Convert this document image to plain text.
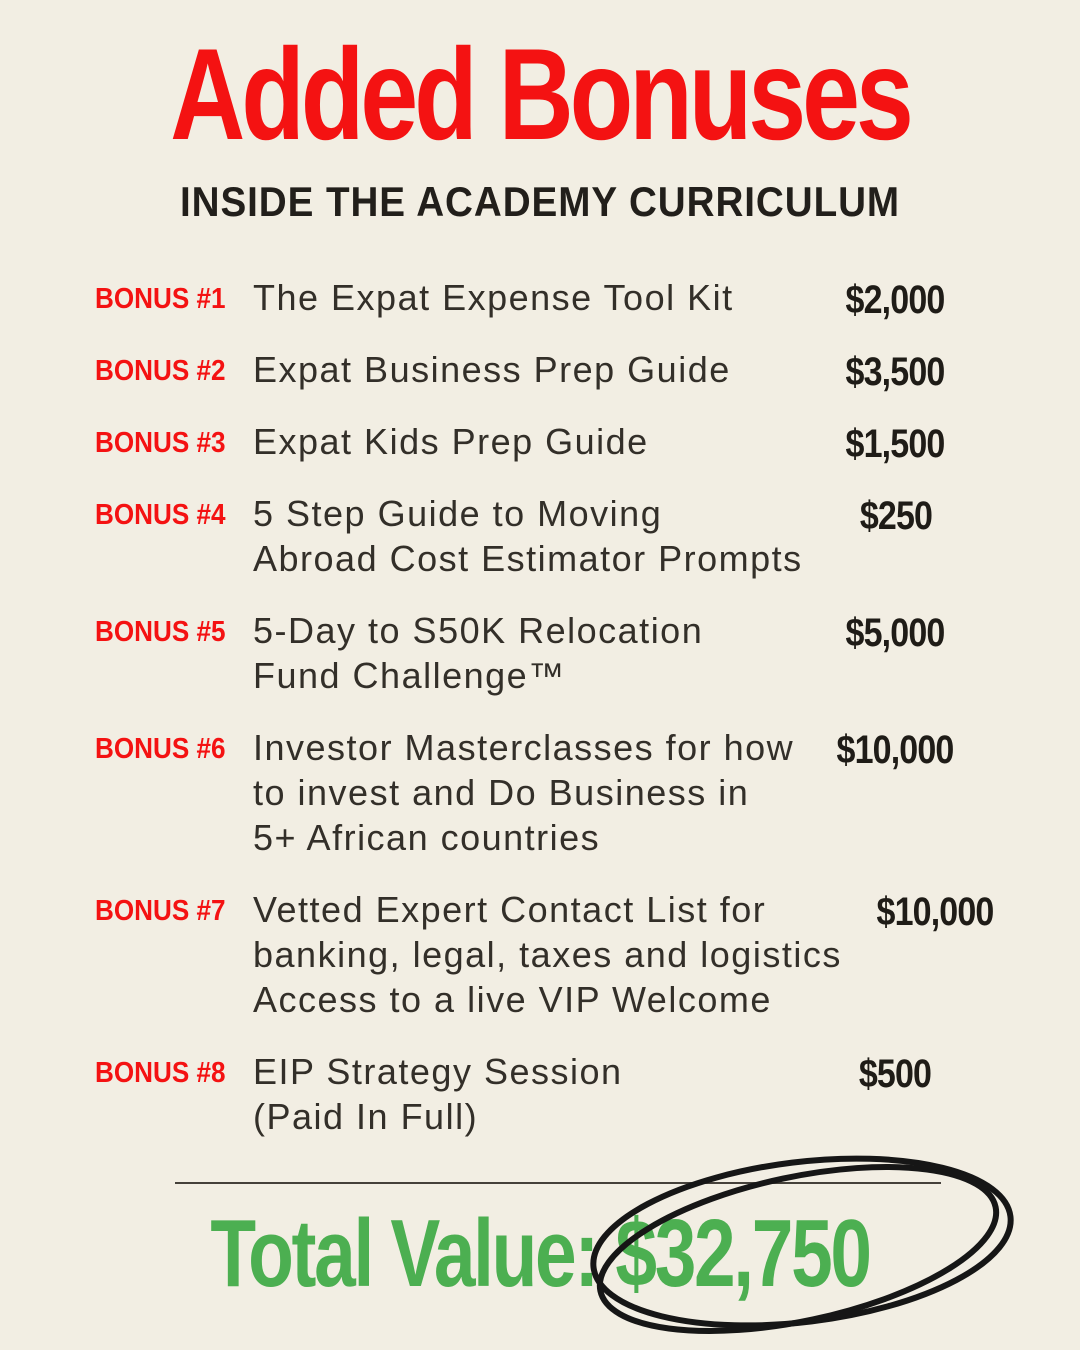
Added Bonuses
INSIDE THE ACADEMY CURRICULUM
BONUS #1 The Expat Expense Tool Kit	$2,000
BONUS #2 Expat Business Prep Guide	$3,500
BONUS #3 Expat Kids Prep Guide	$1,500
BONUS #4 5 Step Guide to Moving
Abroad Cost Estimator Prompts
$250
BONUS #5 5-Day to S50K Relocation
Fund Challenge™
$5,000
BONUS #6 Investor Masterclasses for how
to invest and Do Business in
5+ African countries
$10,000
BONUS #7 Vetted Expert Contact List for
banking, legal, taxes and logistics
Access to a live VIP Welcome
$10,000
BONUS #8 EIP Strategy Session
(Paid In Full)
$500
Total Value: $32,750
